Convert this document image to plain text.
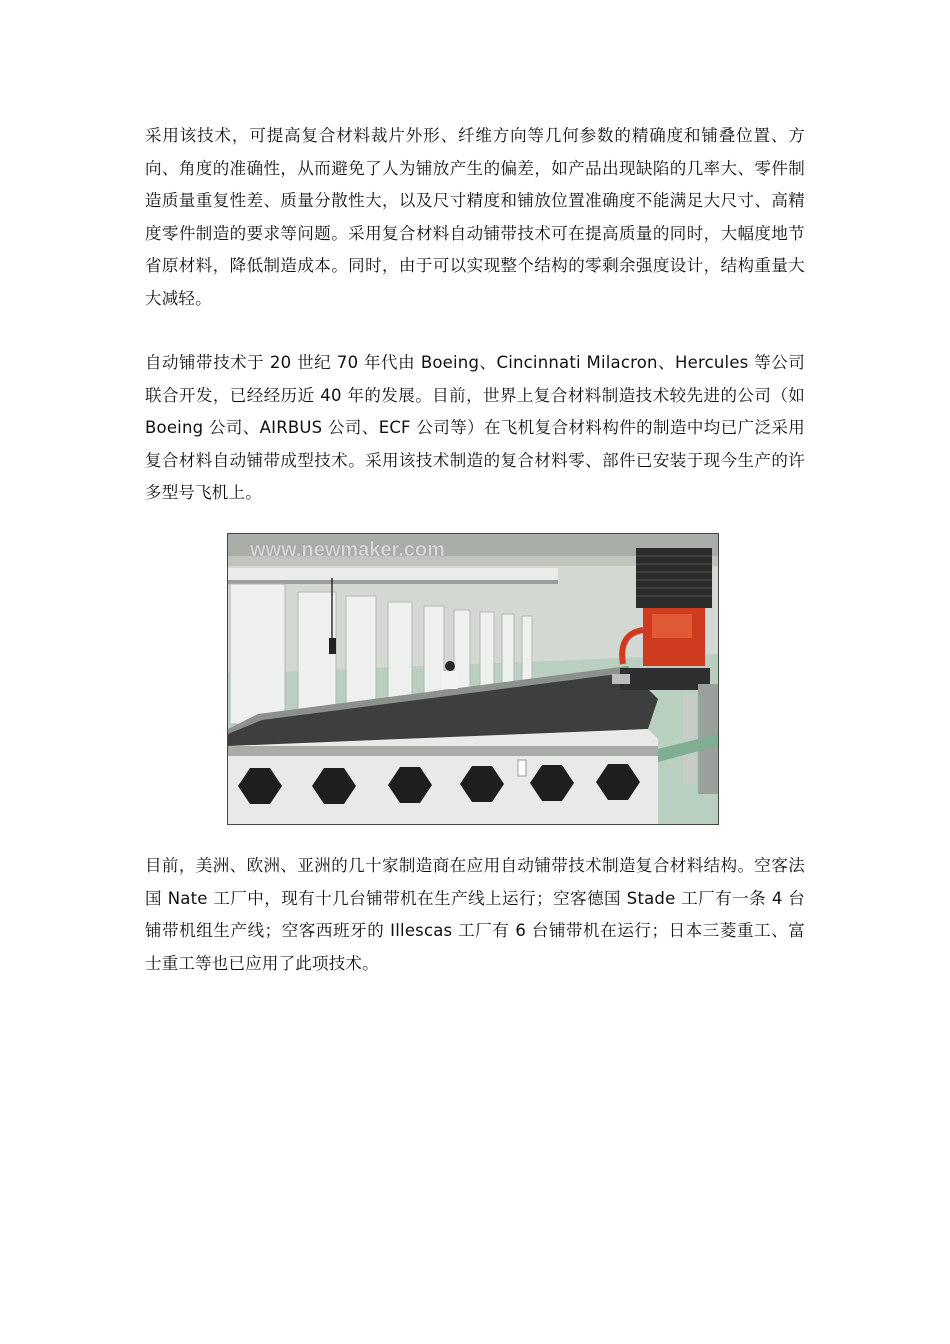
采用该技术，可提高复合材料裁片外形、纤维方向等几何参数的精确度和铺叠位置、方向、角度的准确性，从而避免了人为铺放产生的偏差，如产品出现缺陷的几率大、零件制造质量重复性差、质量分散性大，以及尺寸精度和铺放位置准确度不能满足大尺寸、高精度零件制造的要求等问题。采用复合材料自动铺带技术可在提高质量的同时，大幅度地节省原材料，降低制造成本。同时，由于可以实现整个结构的零剩余强度设计，结构重量大大减轻。

自动铺带技术于 20 世纪 70 年代由 Boeing、Cincinnati Milacron、Hercules 等公司联合开发，已经经历近 40 年的发展。目前，世界上复合材料制造技术较先进的公司（如 Boeing 公司、AIRBUS 公司、ECF 公司等）在飞机复合材料构件的制造中均已广泛采用复合材料自动铺带成型技术。采用该技术制造的复合材料零、部件已安装于现今生产的许多型号飞机上。

www.newmaker.com

目前，美洲、欧洲、亚洲的几十家制造商在应用自动铺带技术制造复合材料结构。空客法国 Nate 工厂中，现有十几台铺带机在生产线上运行；空客德国 Stade 工厂有一条 4 台铺带机组生产线；空客西班牙的 Illescas 工厂有 6 台铺带机在运行；日本三菱重工、富士重工等也已应用了此项技术。
